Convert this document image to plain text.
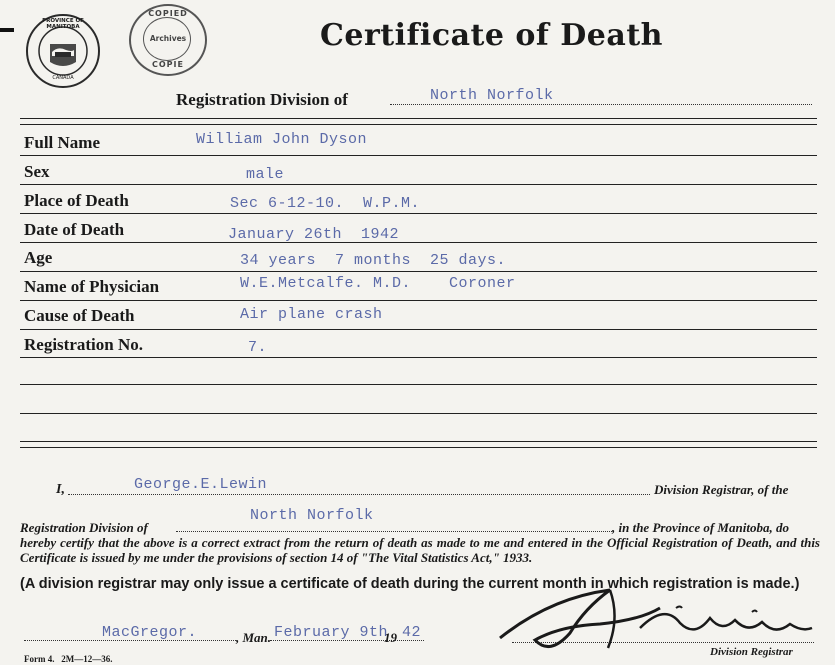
PROVINCE OF MANITOBA
CANADA
COPIED
Archives
COPIE
Certificate of Death
Registration Division of	North Norfolk
Full Name	William John Dyson
Sex	male
Place of Death	Sec 6-12-10.  W.P.M.
Date of Death	January 26th  1942
Age	34 years  7 months  25 days.
Name of Physician	W.E.Metcalfe. M.D.    Coroner
Cause of Death	Air plane crash
Registration No.	7.
I,	George.E.Lewin	Division Registrar, of the
Registration Division of
North Norfolk
, in the Province of Manitoba, do
hereby certify that the above is a correct extract from the return of death as made to me and entered in the Official Registration of Death, and this Certificate is issued by me under the provisions of section 14 of "The Vital Statistics Act," 1933.
(A division registrar may only issue a certificate of death during the current month in which registration is made.)
MacGregor.	, Man. February 9th
19 42
Division Registrar
Form 4.   2M—12—36.
